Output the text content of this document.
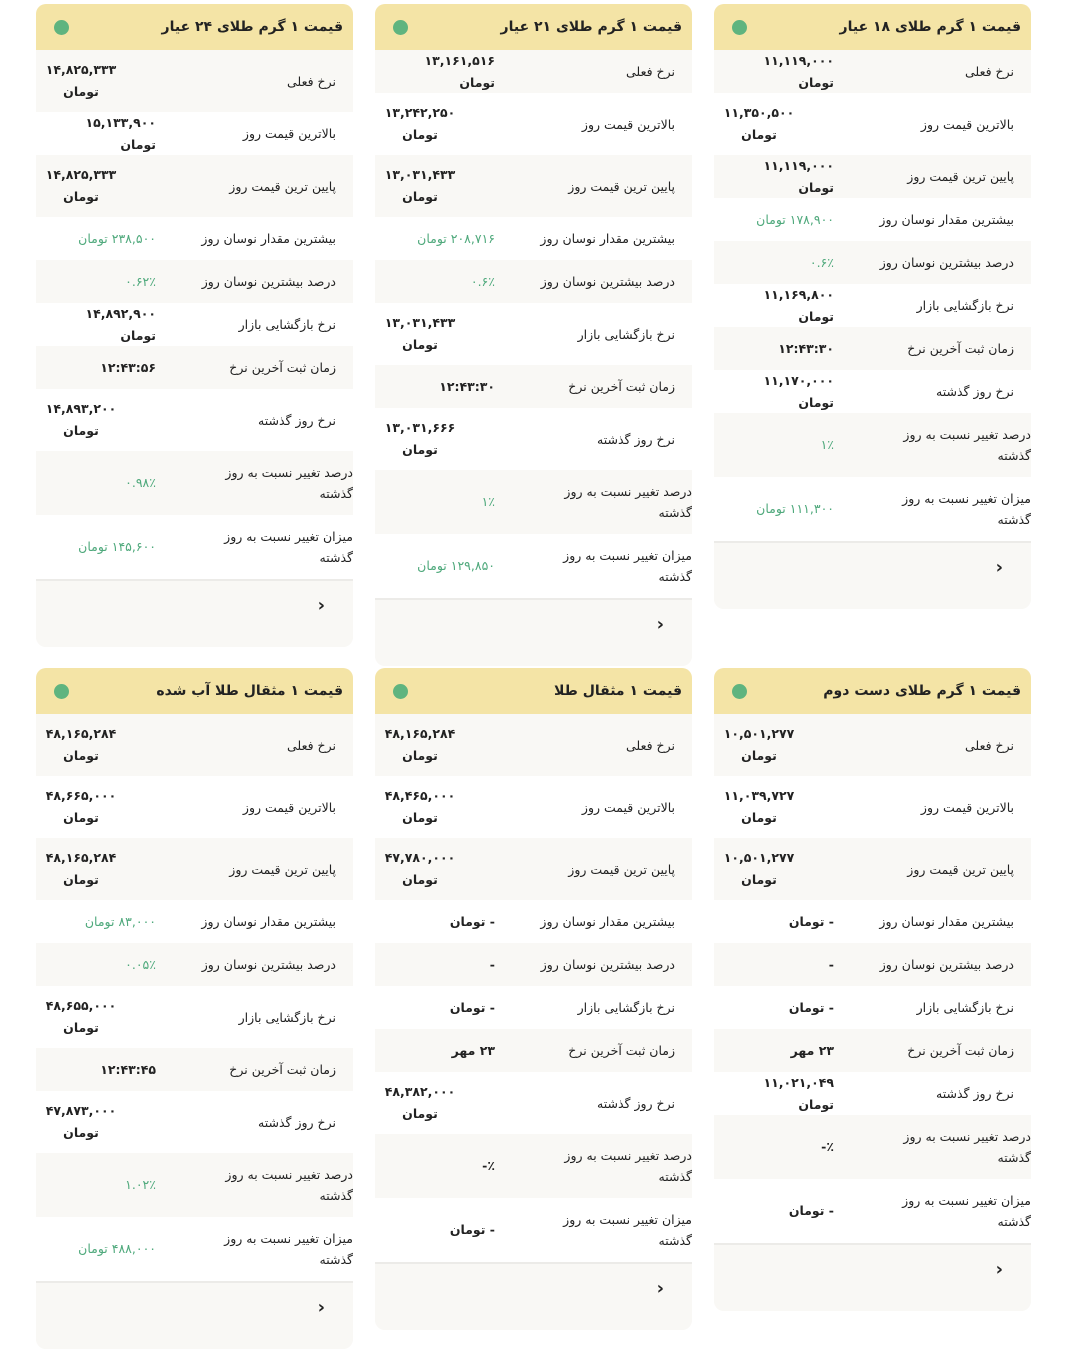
قیمت ۱ گرم طلای ۱۸ عیار
نرخ فعلی
۱۱,۱۱۹,۰۰۰ تومان
بالاترین قیمت روز
۱۱,۳۵۰,۵۰۰ تومان
پایین ترین قیمت روز
۱۱,۱۱۹,۰۰۰ تومان
بیشترین مقدار نوسان روز
۱۷۸,۹۰۰ تومان
درصد بیشترین نوسان روز
۰.۶٪
نرخ بازگشایی بازار
۱۱,۱۶۹,۸۰۰ تومان
زمان ثبت آخرین نرخ
۱۲:۴۳:۳۰
نرخ روز گذشته
۱۱,۱۷۰,۰۰۰ تومان
درصد تغییر نسبت به روز گذشته
۱٪
میزان تغییر نسبت به روز گذشته
۱۱۱,۳۰۰ تومان
‹
قیمت ۱ گرم طلای ۲۱ عیار
نرخ فعلی
۱۳,۱۶۱,۵۱۶ تومان
بالاترین قیمت روز
۱۳,۲۴۲,۲۵۰ تومان
پایین ترین قیمت روز
۱۳,۰۳۱,۴۳۳ تومان
بیشترین مقدار نوسان روز
۲۰۸,۷۱۶ تومان
درصد بیشترین نوسان روز
۰.۶٪
نرخ بازگشایی بازار
۱۳,۰۳۱,۴۳۳ تومان
زمان ثبت آخرین نرخ
۱۲:۴۳:۳۰
نرخ روز گذشته
۱۳,۰۳۱,۶۶۶ تومان
درصد تغییر نسبت به روز گذشته
۱٪
میزان تغییر نسبت به روز گذشته
۱۲۹,۸۵۰ تومان
‹
قیمت ۱ گرم طلای ۲۴ عیار
نرخ فعلی
۱۴,۸۲۵,۳۳۳ تومان
بالاترین قیمت روز
۱۵,۱۳۳,۹۰۰ تومان
پایین ترین قیمت روز
۱۴,۸۲۵,۳۳۳ تومان
بیشترین مقدار نوسان روز
۲۳۸,۵۰۰ تومان
درصد بیشترین نوسان روز
۰.۶۲٪
نرخ بازگشایی بازار
۱۴,۸۹۲,۹۰۰ تومان
زمان ثبت آخرین نرخ
۱۲:۴۳:۵۶
نرخ روز گذشته
۱۴,۸۹۳,۲۰۰ تومان
درصد تغییر نسبت به روز گذشته
۰.۹۸٪
میزان تغییر نسبت به روز گذشته
۱۴۵,۶۰۰ تومان
‹
قیمت ۱ گرم طلای دست دوم
نرخ فعلی
۱۰,۵۰۱,۲۷۷ تومان
بالاترین قیمت روز
۱۱,۰۳۹,۷۲۷ تومان
پایین ترین قیمت روز
۱۰,۵۰۱,۲۷۷ تومان
بیشترین مقدار نوسان روز
- تومان
درصد بیشترین نوسان روز
-
نرخ بازگشایی بازار
- تومان
زمان ثبت آخرین نرخ
۲۳ مهر
نرخ روز گذشته
۱۱,۰۲۱,۰۴۹ تومان
درصد تغییر نسبت به روز گذشته
٪-
میزان تغییر نسبت به روز گذشته
- تومان
‹
قیمت ۱ مثقال طلا
نرخ فعلی
۴۸,۱۶۵,۲۸۴ تومان
بالاترین قیمت روز
۴۸,۴۶۵,۰۰۰ تومان
پایین ترین قیمت روز
۴۷,۷۸۰,۰۰۰ تومان
بیشترین مقدار نوسان روز
- تومان
درصد بیشترین نوسان روز
-
نرخ بازگشایی بازار
- تومان
زمان ثبت آخرین نرخ
۲۳ مهر
نرخ روز گذشته
۴۸,۳۸۲,۰۰۰ تومان
درصد تغییر نسبت به روز گذشته
٪-
میزان تغییر نسبت به روز گذشته
- تومان
‹
قیمت ۱ مثقال طلا آب شده
نرخ فعلی
۴۸,۱۶۵,۲۸۴ تومان
بالاترین قیمت روز
۴۸,۶۶۵,۰۰۰ تومان
پایین ترین قیمت روز
۴۸,۱۶۵,۲۸۴ تومان
بیشترین مقدار نوسان روز
۸۳,۰۰۰ تومان
درصد بیشترین نوسان روز
۰.۰۵٪
نرخ بازگشایی بازار
۴۸,۶۵۵,۰۰۰ تومان
زمان ثبت آخرین نرخ
۱۲:۴۳:۴۵
نرخ روز گذشته
۴۷,۸۷۳,۰۰۰ تومان
درصد تغییر نسبت به روز گذشته
۱.۰۲٪
میزان تغییر نسبت به روز گذشته
۴۸۸,۰۰۰ تومان
‹
